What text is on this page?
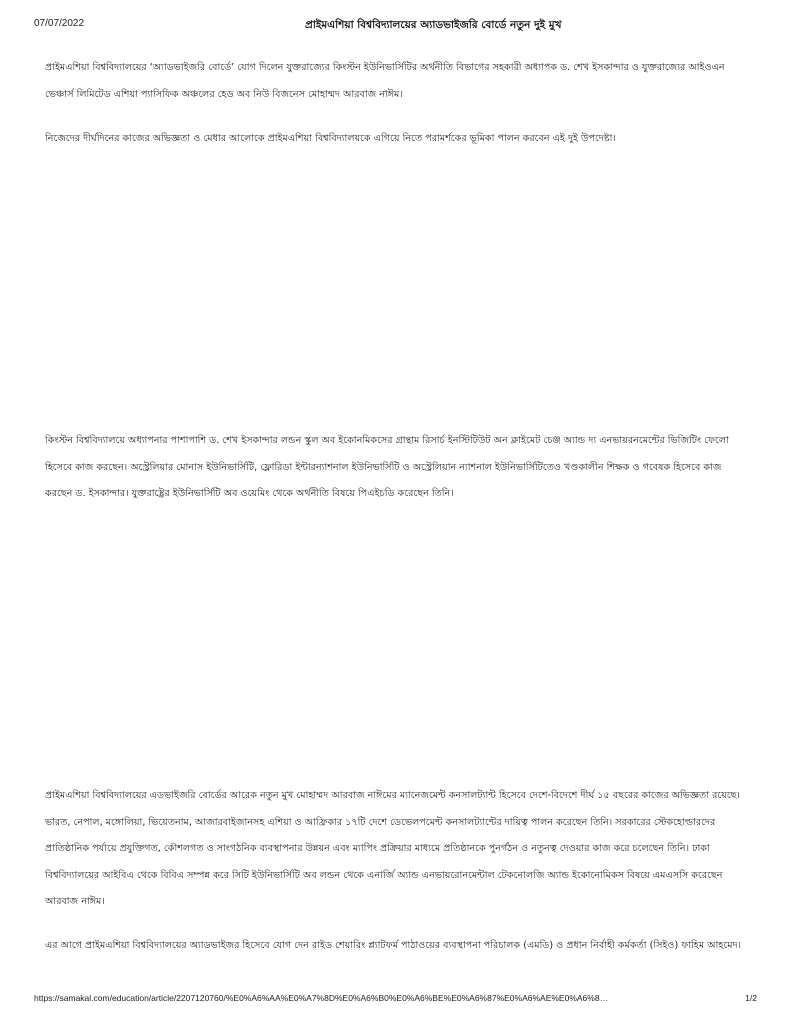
07/07/2022	প্রাইমএশিয়া বিশ্ববিদ্যালয়ের অ্যাডভাইজরি বোর্ডে নতুন দুই মুখ

প্রাইমএশিয়া বিশ্ববিদ্যালয়ের ‘অ্যাডভাইজরি বোর্ডে’ যোগ দিলেন যুক্তরাজ্যের কিংস্টন ইউনিভার্সিটির অর্থনীতি বিভাগের সহকারী অধ্যাপক ড. শেখ ইসকান্দার ও যুক্তরাজ্যের আইওএন ভেঞ্চার্স লিমিটেড এশিয়া প্যাসিফিক অঞ্চলের হেড অব নিউ বিজনেস মোহাম্মদ আরবাজ নাঈম।

নিজেদের দীর্ঘদিনের কাজের অভিজ্ঞতা ও মেধার আলোকে প্রাইমএশিয়া বিশ্ববিদ্যালয়কে এগিয়ে নিতে পরামর্শকের ভূমিকা পালন করবেন এই দুই উপদেষ্টা।

কিংস্টন বিশ্ববিদ্যালয়ে অধ্যাপনার পাশাপাশি ড. শেখ ইসকান্দার লন্ডন স্কুল অব ইকোনমিকসের গ্রান্থাম রিসার্চ ইনস্টিটিউট অন ক্লাইমেট চেঞ্জ অ্যান্ড দ্য এনভায়রনমেন্টের ভিজিটিং ফেলো হিসেবে কাজ করছেন। অস্ট্রেলিয়ার মোনাস ইউনিভার্সিটি, ফ্লোরিডা ইন্টারন্যাশনাল ইউনিভার্সিটি ও অস্ট্রেলিয়ান ন্যাশনাল ইউনিভার্সিটিতেও খণ্ডকালীন শিক্ষক ও গবেষক হিসেবে কাজ করছেন ড. ইসকান্দার। যুক্তরাষ্ট্রের ইউনিভার্সিটি অব ওয়েমিং থেকে অর্থনীতি বিষয়ে পিএইচডি করেছেন তিনি।

প্রাইমএশিয়া বিশ্ববিদ্যালয়ের এডভাইজরি বোর্ডের আরেক নতুন মুখ মোহাম্মদ আরবাজ নাঈমের ম্যানেজমেন্ট কনসালট্যান্ট হিসেবে দেশে-বিদেশে দীর্ঘ ১৫ বছরের কাজের অভিজ্ঞতা রয়েছে। ভারত, নেপাল, মঙ্গোলিয়া, ভিয়েতনাম, আজারবাইজানসহ এশিয়া ও আফ্রিকার ১৭টি দেশে ডেভেলপমেন্ট কনসালট্যান্টের দায়িত্ব পালন করেছেন তিনি। সরকারের স্টেকহোল্ডারদের প্রাতিষ্ঠানিক পর্যায়ে প্রযুক্তিগত, কৌশলগত ও সাংগঠনিক ব্যবস্থাপনার উন্নয়ন এবং ম্যাপিং প্রক্রিয়ার মাধ্যমে প্রতিষ্ঠানকে পুনর্গঠন ও নতুনত্ব দেওয়ার কাজ করে চলেছেন তিনি। ঢাকা বিশ্ববিদ্যালয়ের আইবিএ থেকে বিবিএ সম্পন্ন করে সিটি ইউনিভার্সিটি অব লন্ডন থেকে এনার্জি অ্যান্ড এনভায়রোনমেন্টাল টেকনোলজি অ্যান্ড ইকোনোমিকস বিষয়ে এমএসসি করেছেন আরবাজ নাঈম।

এর আগে প্রাইমএশিয়া বিশ্ববিদ্যালয়ের অ্যাডভাইজর হিসেবে যোগ দেন রাইড শেয়ারিং প্ল্যাটফর্ম পাঠাওয়ের ব্যবস্থাপনা পরিচালক (এমডি) ও প্রধান নির্বাহী কর্মকর্তা (সিইও) ফাহিম আহমেদ।

https://samakal.com/education/article/2207120760/%E0%A6%AA%E0%A7%8D%E0%A6%B0%E0%A6%BE%E0%A6%87%E0%A6%AE%E0%A6%8…	1/2
